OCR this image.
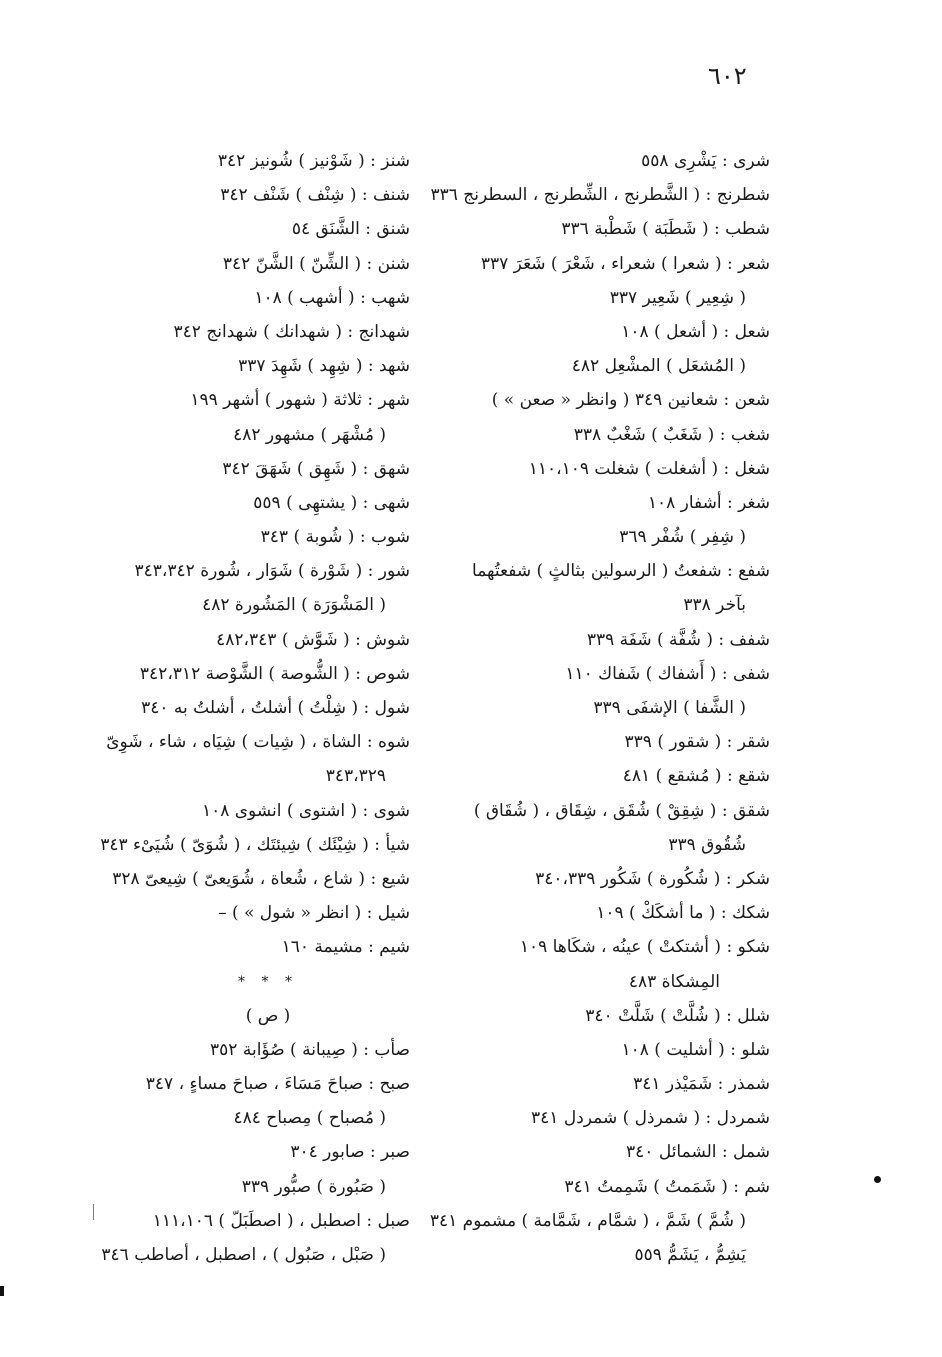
٦٠٢
شرى : يَشْرِى ٥٥٨
شطرنج : ( الشَّطرنج ، الشِّطرنج ، السطرنج ٣٣٦
شطب : ( شَطَبَة ) شَطْبة ٣٣٦
شعر : ( شعرا ) شعراء ، شَعْرَ ) شَعَرَ ٣٣٧
( شِعِير ) شَعِير ٣٣٧
شعل : ( أشعل ) ١٠٨
( المُشعَل ) المشْعِل ٤٨٢
شعن : شعانين ٣٤٩ ( وانظر « صعن » )
شغب : ( شَغَبٌ ) شَغْبٌ ٣٣٨
شغل : ( أشغلت ) شغلت ١١٠،١٠٩
شغر : أشفار ١٠٨
( شِفِر ) شُفْر ٣٦٩
شفع : شفعتُ ( الرسولين بثالثٍ ) شفعتُهما
بآخر ٣٣٨
شفف : ( شُفَّة ) شَفَة ٣٣٩
شفى : ( أَشفاك ) شَفاك ١١٠
( الشَّفا ) الإشفَى ٣٣٩
شقر : ( شقور ) ٣٣٩
شقع : ( مُشقع ) ٤٨١
شقق : ( شِقِقْ ) شُقَق ، شِقَاق ، ( شُقَاق )
شُقُوق ٣٣٩
شكر : ( شُكُورة ) شَكُور ٣٤٠،٣٣٩
شكك : ( ما أشكَكْ ) ١٠٩
شكو : ( أشتكتْ ) عينُه ، شكَاها ١٠٩
المِشكاة ٤٨٣
شلل : ( شُلَّتْ ) شَلَّتْ ٣٤٠
شلو : ( أشليت ) ١٠٨
شمذر : شَمَيْذر ٣٤١
شمردل : ( شمرذل ) شمردل ٣٤١
شمل : الشمائل ٣٤٠
شم : ( شَمَمتُ ) شَمِمتُ ٣٤١
( شُمَّ ) شَمَّ ، ( شمَّام ، شَمَّامة ) مشموم ٣٤١
يَشِمُّ ، يَشَمُّ ٥٥٩
شنز : ( شَوْنيز ) شُونيز ٣٤٢
شنف : ( شِنْف ) شَنْف ٣٤٢
شنق : الشَّنَق ٥٤
شنن : ( الشِّنّ ) الشَّنّ ٣٤٢
شهب : ( أشهب ) ١٠٨
شهدانج : ( شهدانك ) شهدانج ٣٤٢
شهد : ( شِهِد ) شَهِدَ ٣٣٧
شهر : ثلاثة ( شهور ) أشهر ١٩٩
( مُشْهَر ) مشهور ٤٨٢
شهق : ( شَهِق ) شَهَقَ ٣٤٢
شهى : ( يشتهِى ) ٥٥٩
شوب : ( شُوبة ) ٣٤٣
شور : ( شَوْرة ) شَوَار ، شُورة ٣٤٣،٣٤٢
( المَشْوَرَة ) المَشُورة ٤٨٢
شوش : ( شَوَّش ) ٤٨٢،٣٤٣
شوص : ( الشُّوصة ) الشَّوْصة ٣٤٢،٣١٢
شول : ( شِلْتُ ) أشلتُ ، أشلتُ به ٣٤٠
شوه : الشاة ، ( شِيات ) شِيَاه ، شاء ، شَوِىّ
٣٤٣،٣٢٩
شوى : ( اشتوى ) انشوى ١٠٨
شيأ : ( شِيْئَك ) شِيئتَك ، ( شُوَىّ ) شُيَىْء ٣٤٣
شيع : ( شاع ، شُعاة ، شُوَيعىّ ) شِيعىّ ٣٢٨
شيل : ( انظر « شول » ) –
شيم : مشيمة ١٦٠
* * *
( ص )
صأب : ( صِيبانة ) صُؤَابة ٣٥٢
صبح : صباحَ مَسَاءَ ، صباحَ مساءٍ ، ٣٤٧
( مُصباح ) مِصباح ٤٨٤
صبر : صابور ٣٠٤
( صَبُورة ) صبُّور ٣٣٩
صبل : اصطبل ، ( اصطَبَلّ ) ١١١،١٠٦
( صَبْل ، صَبُول ) ، اصطبل ، أصاطب ٣٤٦
